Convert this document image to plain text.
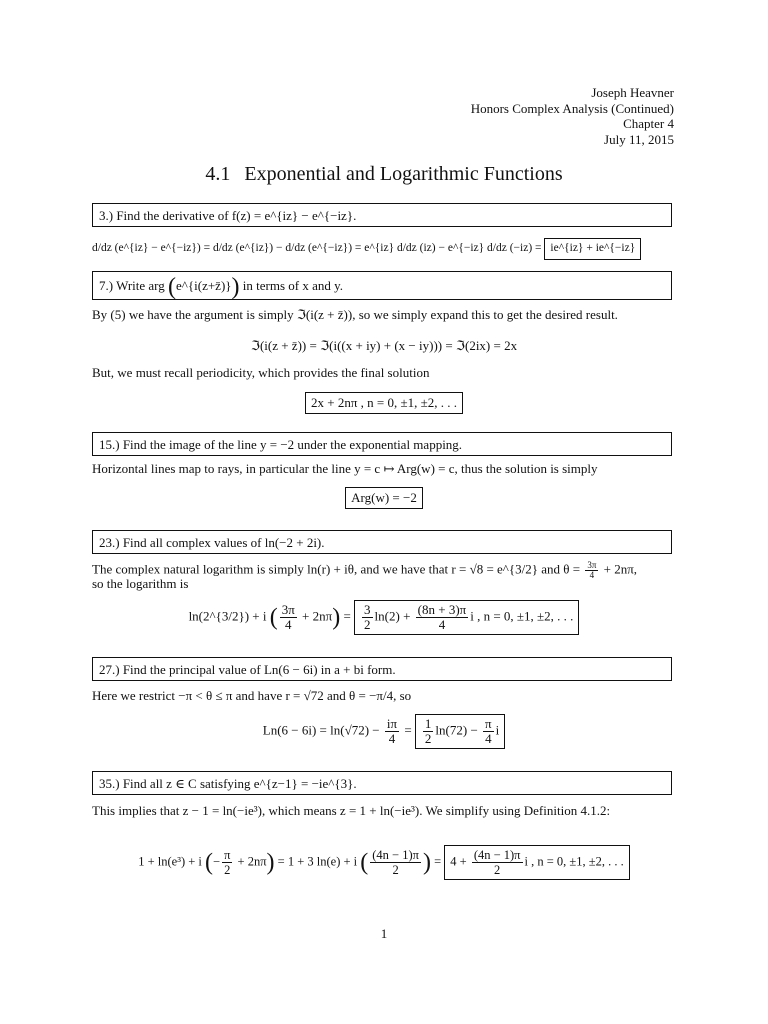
Joseph Heavner
Honors Complex Analysis (Continued)
Chapter 4
July 11, 2015
4.1 Exponential and Logarithmic Functions
3.) Find the derivative of f(z) = e^{iz} − e^{−iz}.
d/dz (e^{iz} − e^{−iz}) = d/dz (e^{iz}) − d/dz (e^{−iz}) = e^{iz} d/dz (iz) − e^{−iz} d/dz (−iz) = ie^{iz} + ie^{−iz}
7.) Write arg (e^{i(z+z̄)}) in terms of x and y.
By (5) we have the argument is simply ℑ(i(z + z̄)), so we simply expand this to get the desired result.
ℑ(i(z + z̄)) = ℑ(i((x + iy) + (x − iy))) = ℑ(2ix) = 2x
But, we must recall periodicity, which provides the final solution
2x + 2nπ , n = 0, ±1, ±2, . . .
15.) Find the image of the line y = −2 under the exponential mapping.
Horizontal lines map to rays, in particular the line y = c ↦ Arg(w) = c, thus the solution is simply
Arg(w) = −2
23.) Find all complex values of ln(−2 + 2i).
The complex natural logarithm is simply ln(r) + iθ, and we have that r = √8 = e^{3/2} and $\theta = \frac{3\pi}{4} + 2n\pi$,
so the logarithm is
ln(2^{3/2}) + i ( $\frac{3\pi}{4} + 2n\pi) = \frac{3}{2} \ln(2) + \frac{(8n + 3)\pi}{4}$ i , n = 0, ±1, ±2, . . .
27.) Find the principal value of Ln(6 − 6i) in a + bi form.
Here we restrict −π < θ ≤ π and have r = √72 and θ = −π/4, so
$Ln(6 - 6i) = \ln(√72) - \frac{i\pi}{4} = \frac{1}{2} \ln(72) - \frac{\pi}{4}$ i
35.) Find all z ∈ C satisfying e^{z−1} = −ie^{3}.
This implies that z − 1 = ln(−ie³), which means z = 1 + ln(−ie³). We simplify using Definition 4.1.2:
1 + ln(e³) + i (− $\frac{\pi}{2} + 2n\pi) = 1 + 3$ ln(e) + i ( $\frac{(4n - 1)\pi}{2}$ ) = $4 + \frac{(4n - 1)\pi}{2}$ i , n = 0, ±1, ±2, . . .
1
